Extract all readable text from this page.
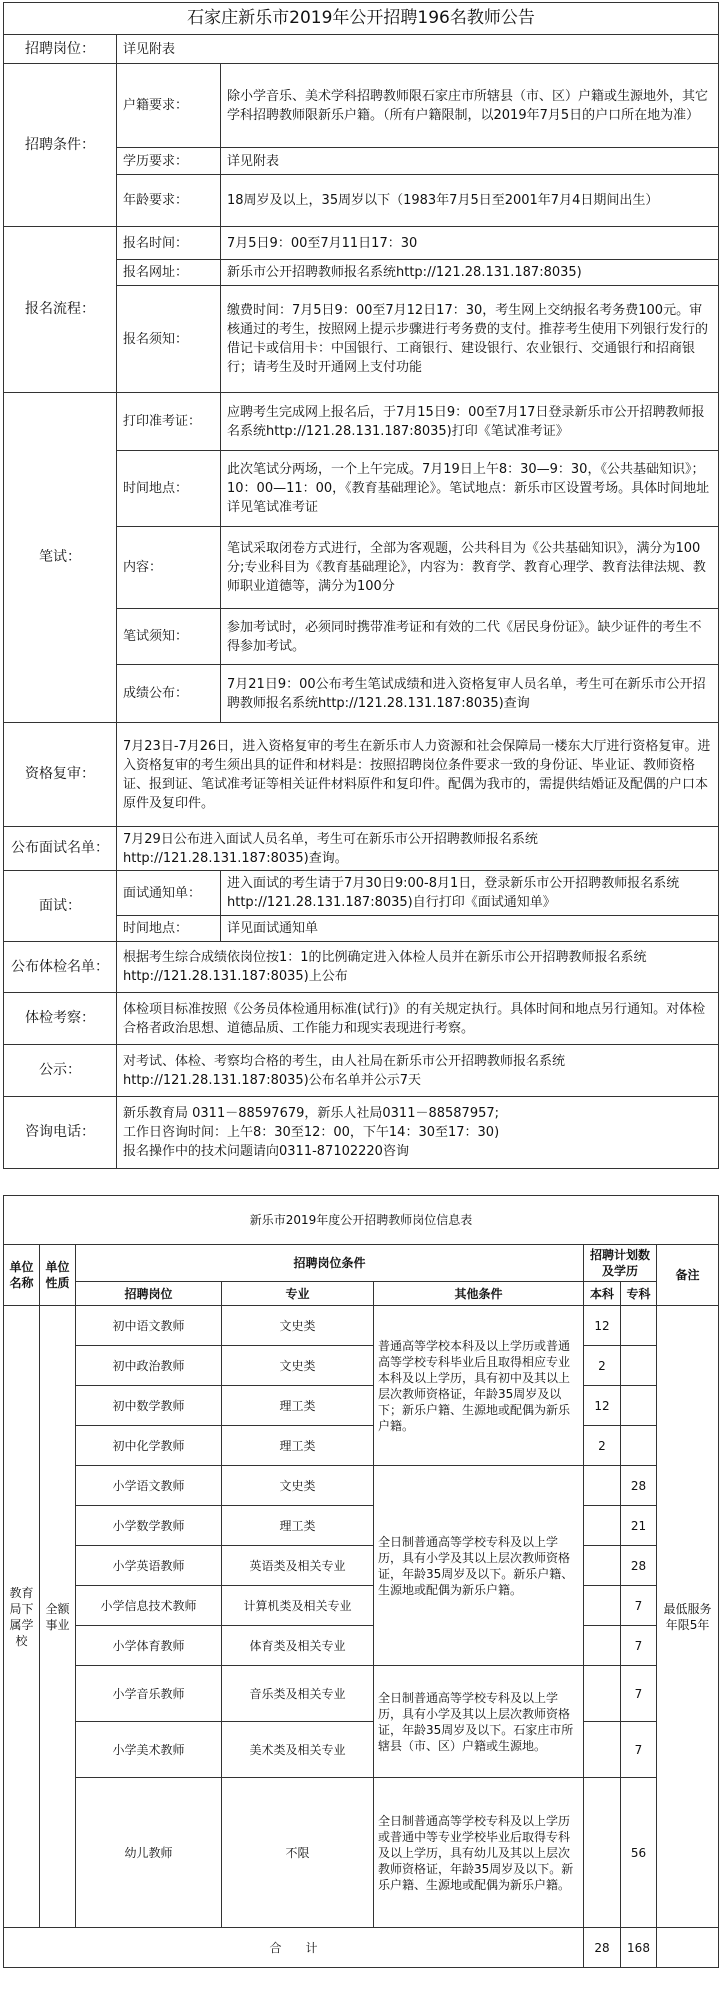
石家庄新乐市2019年公开招聘196名教师公告		
招聘岗位：	详见附表	
招聘条件：	户籍要求：	除小学音乐、美术学科招聘教师限石家庄市所辖县（市、区）户籍或生源地外，其它学科招聘教师限新乐户籍。（所有户籍限制，以2019年7月5日的户口所在地为准）
	学历要求：	详见附表
	年龄要求：	18周岁及以上，35周岁以下（1983年7月5日至2001年7月4日期间出生）
报名流程：	报名时间：	7月5日9：00至7月11日17：30
	报名网址：	新乐市公开招聘教师报名系统http://121.28.131.187:8035)
	报名须知：	缴费时间：7月5日9：00至7月12日17：30，考生网上交纳报名考务费100元。审核通过的考生，按照网上提示步骤进行考务费的支付。推荐考生使用下列银行发行的借记卡或信用卡：中国银行、工商银行、建设银行、农业银行、交通银行和招商银行；请考生及时开通网上支付功能
笔试：	打印准考证：	应聘考生完成网上报名后，于7月15日9：00至7月17日登录新乐市公开招聘教师报名系统http://121.28.131.187:8035)打印《笔试准考证》
	时间地点：	此次笔试分两场，一个上午完成。7月19日上午8：30—9：30，《公共基础知识》；10：00—11：00，《教育基础理论》。笔试地点：新乐市区设置考场。具体时间地址详见笔试准考证
	内容：	笔试采取闭卷方式进行，全部为客观题，公共科目为《公共基础知识》，满分为100分;专业科目为《教育基础理论》，内容为：教育学、教育心理学、教育法律法规、教师职业道德等，满分为100分
	笔试须知：	参加考试时，必须同时携带准考证和有效的二代《居民身份证》。缺少证件的考生不得参加考试。
	成绩公布：	7月21日9：00公布考生笔试成绩和进入资格复审人员名单，考生可在新乐市公开招聘教师报名系统http://121.28.131.187:8035)查询
资格复审：	7月23日-7月26日，进入资格复审的考生在新乐市人力资源和社会保障局一楼东大厅进行资格复审。进入资格复审的考生须出具的证件和材料是：按照招聘岗位条件要求一致的身份证、毕业证、教师资格证、报到证、笔试准考证等相关证件材料原件和复印件。配偶为我市的，需提供结婚证及配偶的户口本原件及复印件。	
公布面试名单：	7月29日公布进入面试人员名单，考生可在新乐市公开招聘教师报名系统http://121.28.131.187:8035)查询。	
面试：	面试通知单：	进入面试的考生请于7月30日9:00-8月1日，登录新乐市公开招聘教师报名系统http://121.28.131.187:8035)自行打印《面试通知单》
	时间地点：	详见面试通知单
公布体检名单：	根据考生综合成绩依岗位按1：1的比例确定进入体检人员并在新乐市公开招聘教师报名系统http://121.28.131.187:8035)上公布	
体检考察：	体检项目标准按照《公务员体检通用标准(试行)》的有关规定执行。具体时间和地点另行通知。对体检合格者政治思想、道德品质、工作能力和现实表现进行考察。	
公示：	对考试、体检、考察均合格的考生，由人社局在新乐市公开招聘教师报名系统http://121.28.131.187:8035)公布名单并公示7天	
咨询电话：	新乐教育局 0311－88597679，新乐人社局0311－88587957;
工作日咨询时间：上午8：30至12：00，下午14：30至17：30)
报名操作中的技术问题请向0311-87102220咨询	
新乐市2019年度公开招聘教师岗位信息表							
单位名称	单位性质	招聘岗位条件			招聘计划数及学历		备注
		招聘岗位	专业	其他条件	本科	专科	
教育局下属学校	全额事业	初中语文教师	文史类	普通高等学校本科及以上学历或普通高等学校专科毕业后且取得相应专业本科及以上学历，具有初中及其以上层次教师资格证，年龄35周岁及以下；新乐户籍、生源地或配偶为新乐户籍。	12		最低服务年限5年
		初中政治教师	文史类		2		
		初中数学教师	理工类		12		
		初中化学教师	理工类		2		
		小学语文教师	文史类	全日制普通高等学校专科及以上学历，具有小学及其以上层次教师资格证，年龄35周岁及以下。新乐户籍、生源地或配偶为新乐户籍。		28	
		小学数学教师	理工类			21	
		小学英语教师	英语类及相关专业			28	
		小学信息技术教师	计算机类及相关专业			7	
		小学体育教师	体育类及相关专业			7	
		小学音乐教师	音乐类及相关专业	全日制普通高等学校专科及以上学历，具有小学及其以上层次教师资格证，年龄35周岁及以下。石家庄市所辖县（市、区）户籍或生源地。		7	
		小学美术教师	美术类及相关专业			7	
		幼儿教师	不限	全日制普通高等学校专科及以上学历或普通中等专业学校毕业后取得专科及以上学历，具有幼儿及其以上层次教师资格证，年龄35周岁及以下。新乐户籍、生源地或配偶为新乐户籍。		56	
合　　计					28	168	
